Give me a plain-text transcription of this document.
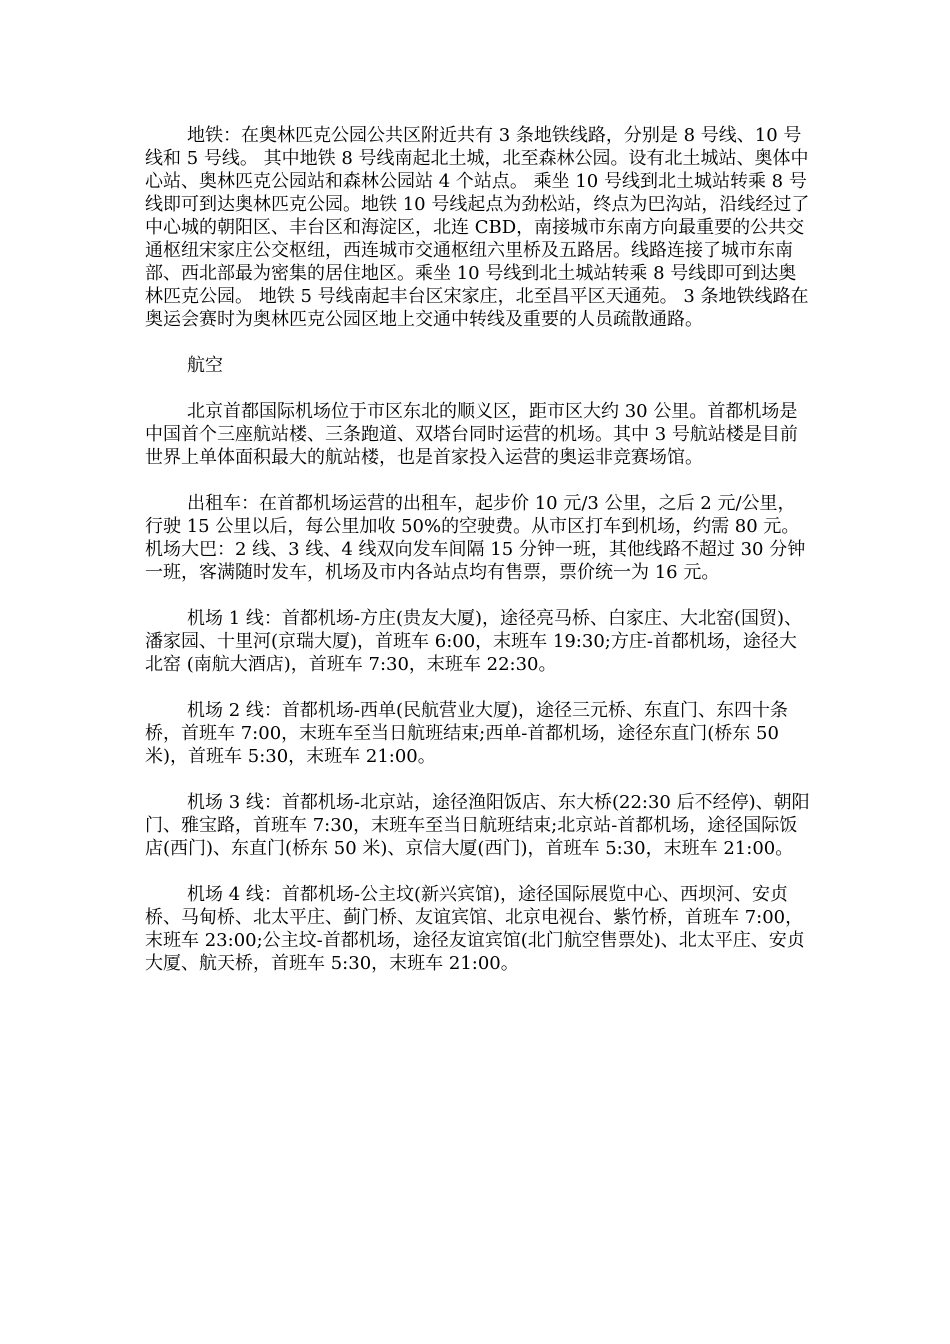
地铁：在奥林匹克公园公共区附近共有 3 条地铁线路，分别是 8 号线、10 号线和 5 号线。 其中地铁 8 号线南起北土城，北至森林公园。设有北土城站、奥体中心站、奥林匹克公园站和森林公园站 4 个站点。 乘坐 10 号线到北土城站转乘 8 号线即可到达奥林匹克公园。地铁 10 号线起点为劲松站，终点为巴沟站，沿线经过了中心城的朝阳区、丰台区和海淀区，北连 CBD，南接城市东南方向最重要的公共交通枢纽宋家庄公交枢纽，西连城市交通枢纽六里桥及五路居。线路连接了城市东南部、西北部最为密集的居住地区。乘坐 10 号线到北土城站转乘 8 号线即可到达奥林匹克公园。 地铁 5 号线南起丰台区宋家庄，北至昌平区天通苑。 3 条地铁线路在奥运会赛时为奥林匹克公园区地上交通中转线及重要的人员疏散通路。

航空

北京首都国际机场位于市区东北的顺义区，距市区大约 30 公里。首都机场是中国首个三座航站楼、三条跑道、双塔台同时运营的机场。其中 3 号航站楼是目前世界上单体面积最大的航站楼，也是首家投入运营的奥运非竞赛场馆。

出租车：在首都机场运营的出租车，起步价 10 元/3 公里，之后 2 元/公里，行驶 15 公里以后，每公里加收 50%的空驶费。从市区打车到机场，约需 80 元。 机场大巴：2 线、3 线、4 线双向发车间隔 15 分钟一班，其他线路不超过 30 分钟一班，客满随时发车，机场及市内各站点均有售票，票价统一为 16 元。

机场 1 线：首都机场-方庄(贵友大厦)，途径亮马桥、白家庄、大北窑(国贸)、潘家园、十里河(京瑞大厦)，首班车 6:00，末班车 19:30;方庄-首都机场，途径大北窑 (南航大酒店)，首班车 7:30，末班车 22:30。

机场 2 线：首都机场-西单(民航营业大厦)，途径三元桥、东直门、东四十条桥，首班车 7:00，末班车至当日航班结束;西单-首都机场，途径东直门(桥东 50 米)，首班车 5:30，末班车 21:00。

机场 3 线：首都机场-北京站，途径渔阳饭店、东大桥(22:30 后不经停)、朝阳门、雅宝路，首班车 7:30，末班车至当日航班结束;北京站-首都机场，途径国际饭店(西门)、东直门(桥东 50 米)、京信大厦(西门)，首班车 5:30，末班车 21:00。

机场 4 线：首都机场-公主坟(新兴宾馆)，途径国际展览中心、西坝河、安贞桥、马甸桥、北太平庄、蓟门桥、友谊宾馆、北京电视台、紫竹桥，首班车 7:00，末班车 23:00;公主坟-首都机场，途径友谊宾馆(北门航空售票处)、北太平庄、安贞大厦、航天桥，首班车 5:30，末班车 21:00。
